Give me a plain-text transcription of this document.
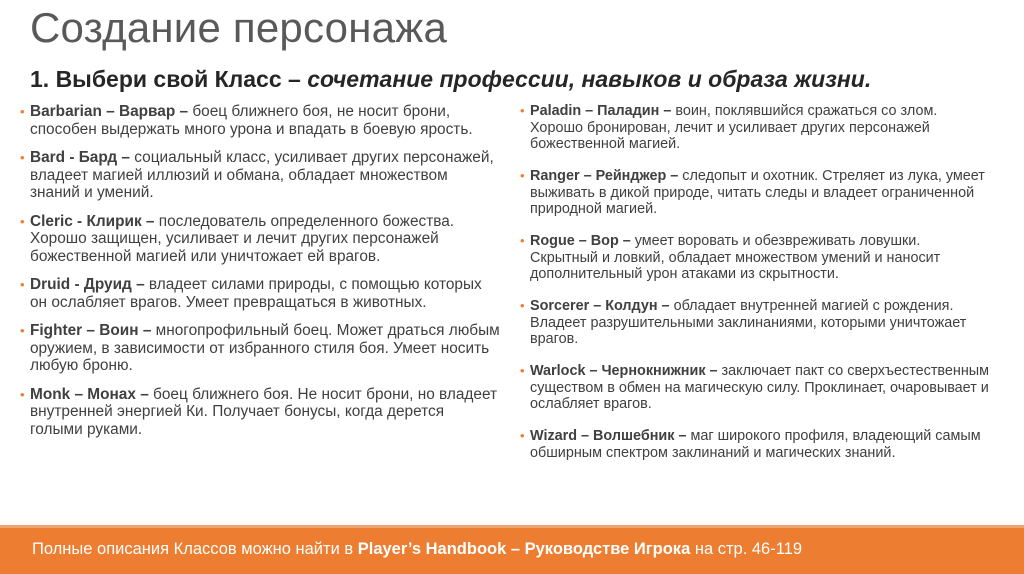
Создание персонажа
1. Выбери свой Класс – сочетание профессии, навыков и образа жизни.
• Barbarian – Варвар – боец ближнего боя, не носит брони, способен выдержать много урона и впадать в боевую ярость.
• Bard - Бард – социальный класс, усиливает других персонажей, владеет магией иллюзий и обмана, обладает множеством знаний и умений.
• Cleric - Клирик – последователь определенного божества. Хорошо защищен, усиливает и лечит других персонажей божественной магией или уничтожает ей врагов.
• Druid - Друид – владеет силами природы, с помощью которых он ослабляет врагов. Умеет превращаться в животных.
• Fighter – Воин – многопрофильный боец. Может драться любым оружием, в зависимости от избранного стиля боя. Умеет носить любую броню.
• Monk – Монах – боец ближнего боя. Не носит брони, но владеет внутренней энергией Ки. Получает бонусы, когда дерется голыми руками.
• Paladin – Паладин – воин, поклявшийся сражаться со злом. Хорошо бронирован, лечит и усиливает других персонажей божественной магией.
• Ranger – Рейнджер – следопыт и охотник. Стреляет из лука, умеет выживать в дикой природе, читать следы и владеет ограниченной природной магией.
• Rogue – Вор – умеет воровать и обезвреживать ловушки. Скрытный и ловкий, обладает множеством умений и наносит дополнительный урон атаками из скрытности.
• Sorcerer – Колдун – обладает внутренней магией с рождения. Владеет разрушительными заклинаниями, которыми уничтожает врагов.
• Warlock – Чернокнижник – заключает пакт со сверхъестественным существом в обмен на магическую силу. Проклинает, очаровывает и ослабляет врагов.
• Wizard – Волшебник – маг широкого профиля, владеющий самым обширным спектром заклинаний и магических знаний.
Полные описания Классов можно найти в Player’s Handbook – Руководстве Игрока на стр. 46-119
